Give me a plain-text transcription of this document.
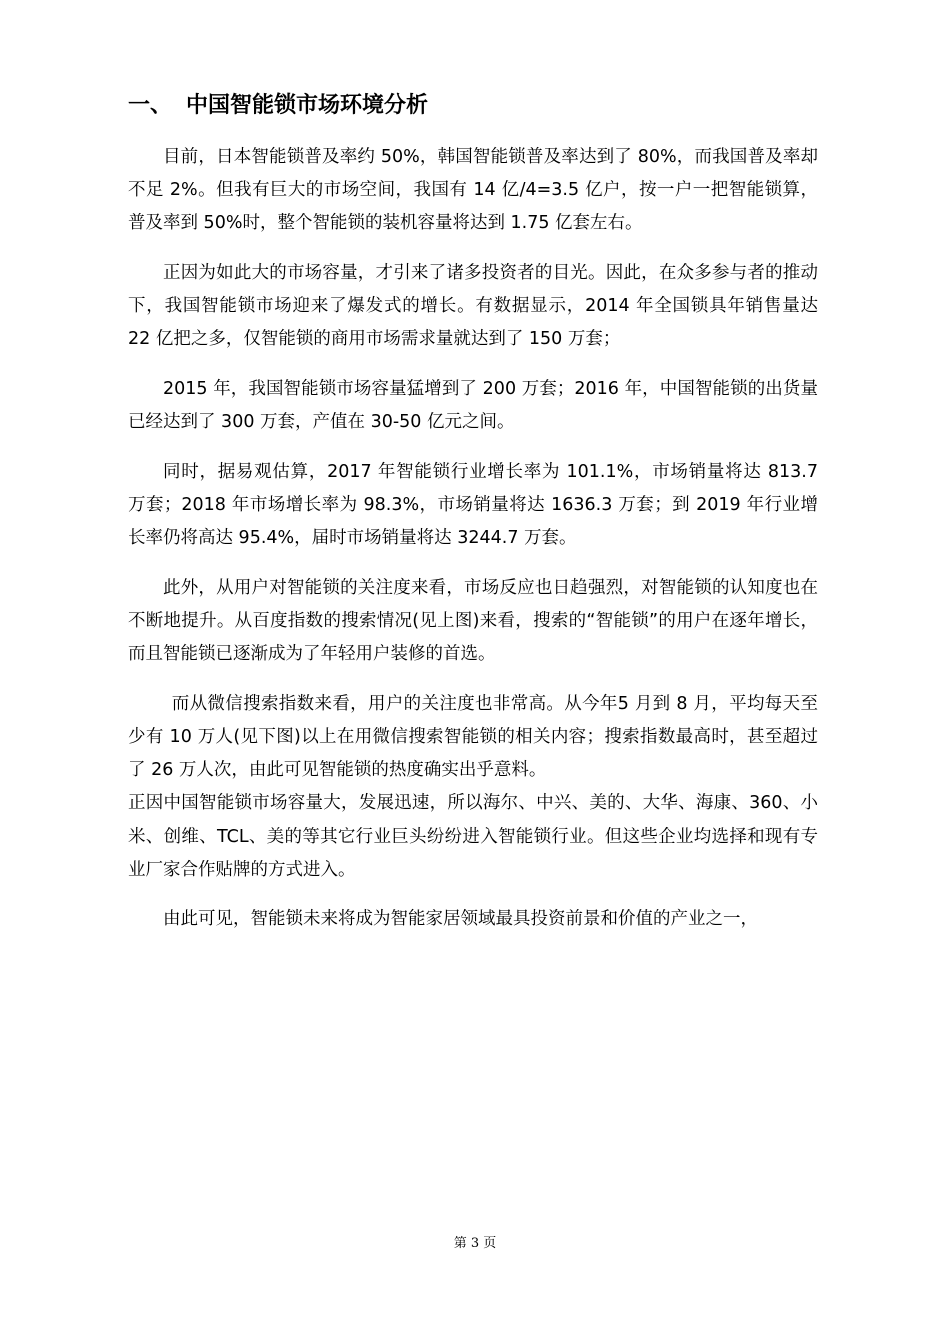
一、 中国智能锁市场环境分析

目前，日本智能锁普及率约 50%，韩国智能锁普及率达到了 80%，而我国普及率却不足 2%。但我有巨大的市场空间，我国有 14 亿/4=3.5 亿户，按一户一把智能锁算，普及率到 50%时，整个智能锁的装机容量将达到 1.75 亿套左右。

正因为如此大的市场容量，才引来了诸多投资者的目光。因此，在众多参与者的推动下，我国智能锁市场迎来了爆发式的增长。有数据显示，2014 年全国锁具年销售量达 22 亿把之多，仅智能锁的商用市场需求量就达到了 150 万套；

2015 年，我国智能锁市场容量猛增到了 200 万套；2016 年，中国智能锁的出货量已经达到了 300 万套，产值在 30-50 亿元之间。

同时，据易观估算，2017 年智能锁行业增长率为 101.1%，市场销量将达 813.7 万套；2018 年市场增长率为 98.3%，市场销量将达 1636.3 万套；到 2019 年行业增长率仍将高达 95.4%，届时市场销量将达 3244.7 万套。

此外，从用户对智能锁的关注度来看，市场反应也日趋强烈，对智能锁的认知度也在不断地提升。从百度指数的搜索情况(见上图)来看，搜索的“智能锁”的用户在逐年增长，而且智能锁已逐渐成为了年轻用户装修的首选。

而从微信搜索指数来看，用户的关注度也非常高。从今年5 月到 8 月，平均每天至少有 10 万人(见下图)以上在用微信搜索智能锁的相关内容；搜索指数最高时，甚至超过了 26 万人次，由此可见智能锁的热度确实出乎意料。

正因中国智能锁市场容量大，发展迅速，所以海尔、中兴、美的、大华、海康、360、小米、创维、TCL、美的等其它行业巨头纷纷进入智能锁行业。但这些企业均选择和现有专业厂家合作贴牌的方式进入。

由此可见，智能锁未来将成为智能家居领域最具投资前景和价值的产业之一，

第 3 页
